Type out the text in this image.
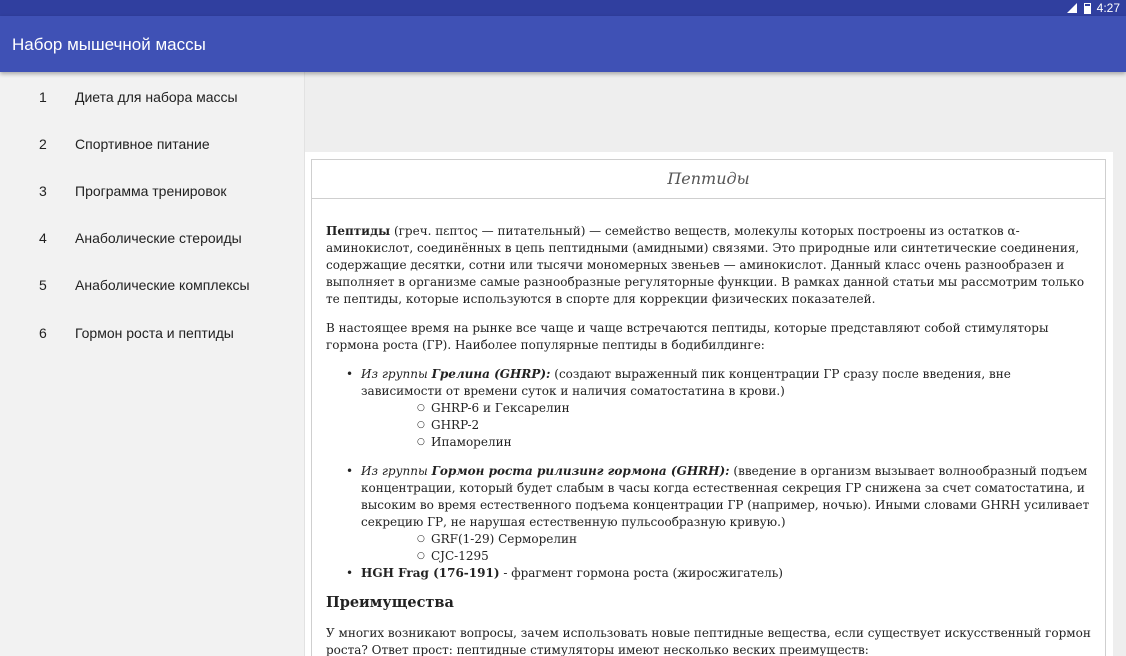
4:27
Набор мышечной массы
1 Диета для набора массы
2 Спортивное питание
3 Программа тренировок
4 Анаболические стероиды
5 Анаболические комплексы
6 Гормон роста и пептиды
Пептиды

Пептиды (греч. πεπτος — питательный) — семейство веществ, молекулы которых построены из остатков α-аминокислот, соединённых в цепь пептидными (амидными) связями. Это природные или синтетические соединения, содержащие десятки, сотни или тысячи мономерных звеньев — аминокислот. Данный класс очень разнообразен и выполняет в организме самые разнообразные регуляторные функции. В рамках данной статьи мы рассмотрим только те пептиды, которые используются в спорте для коррекции физических показателей.

В настоящее время на рынке все чаще и чаще встречаются пептиды, которые представляют собой стимуляторы гормона роста (ГР). Наиболее популярные пептиды в бодибилдинге:

• Из группы Грелина (GHRP): (создают выраженный пик концентрации ГР сразу после введения, вне зависимости от времени суток и наличия соматостатина в крови.)
○ GHRP-6 и Гексарелин
○ GHRP-2
○ Ипаморелин
• Из группы Гормон роста рилизинг гормона (GHRH): (введение в организм вызывает волнообразный подъем концентрации, который будет слабым в часы когда естественная секреция ГР снижена за счет соматостатина, и высоким во время естественного подъема концентрации ГР (например, ночью). Иными словами GHRH усиливает секрецию ГР, не нарушая естественную пульсообразную кривую.)
○ GRF(1-29) Серморелин
○ CJC-1295
• HGH Frag (176-191) - фрагмент гормона роста (жиросжигатель)
Преимущества

У многих возникают вопросы, зачем использовать новые пептидные вещества, если существует искусственный гормон роста? Ответ прост: пептидные стимуляторы имеют несколько веских преимуществ:
